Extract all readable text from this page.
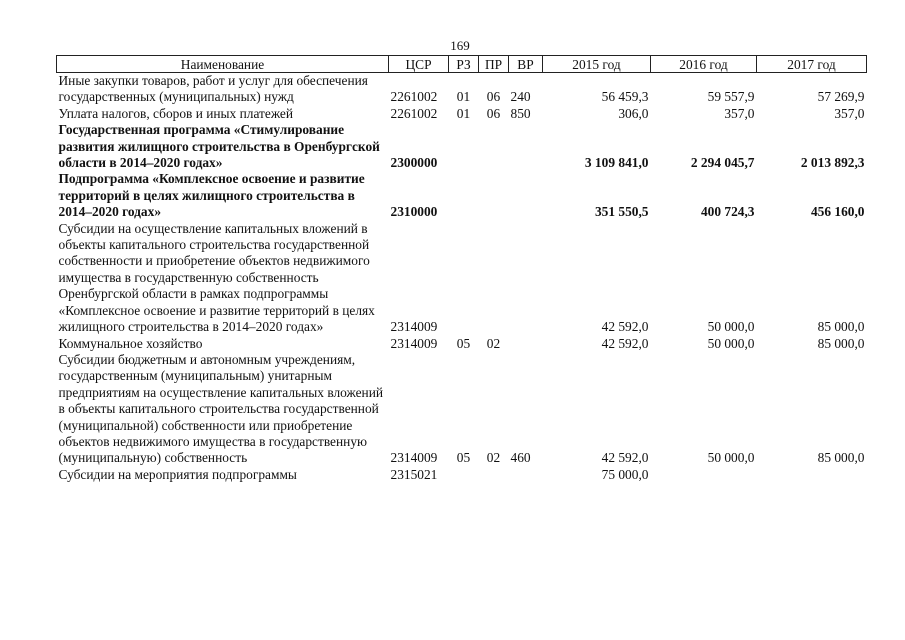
169
Наименование	ЦСР	РЗ	ПР	ВР	2015 год	2016 год	2017 год
Иные закупки товаров, работ и услуг для обеспечения государственных (муниципальных) нужд	2261002	01	06	240	56 459,3	59 557,9	57 269,9
Уплата налогов, сборов и иных платежей	2261002	01	06	850	306,0	357,0	357,0
Государственная программа «Стимулирование развития жилищного строительства в Оренбургской области в 2014–2020 годах»	2300000				3 109 841,0	2 294 045,7	2 013 892,3
Подпрограмма «Комплексное освоение и развитие территорий в целях жилищного строительства в 2014–2020 годах»	2310000				351 550,5	400 724,3	456 160,0
Субсидии на осуществление капитальных вложений в объекты капитального строительства государственной собственности и приобретение объектов недвижимого имущества в государственную собственность Оренбургской области в рамках подпрограммы «Комплексное освоение и развитие территорий в целях жилищного строительства в 2014–2020 годах»	2314009				42 592,0	50 000,0	85 000,0
Коммунальное хозяйство	2314009	05	02		42 592,0	50 000,0	85 000,0
Субсидии бюджетным и автономным учреждениям, государственным (муниципальным) унитарным предприятиям на осуществление капитальных вложений в объекты капитального строительства государственной (муниципальной) собственности или приобретение объектов недвижимого имущества в государственную (муниципальную) собственность	2314009	05	02	460	42 592,0	50 000,0	85 000,0
Субсидии на мероприятия подпрограммы	2315021				75 000,0		
